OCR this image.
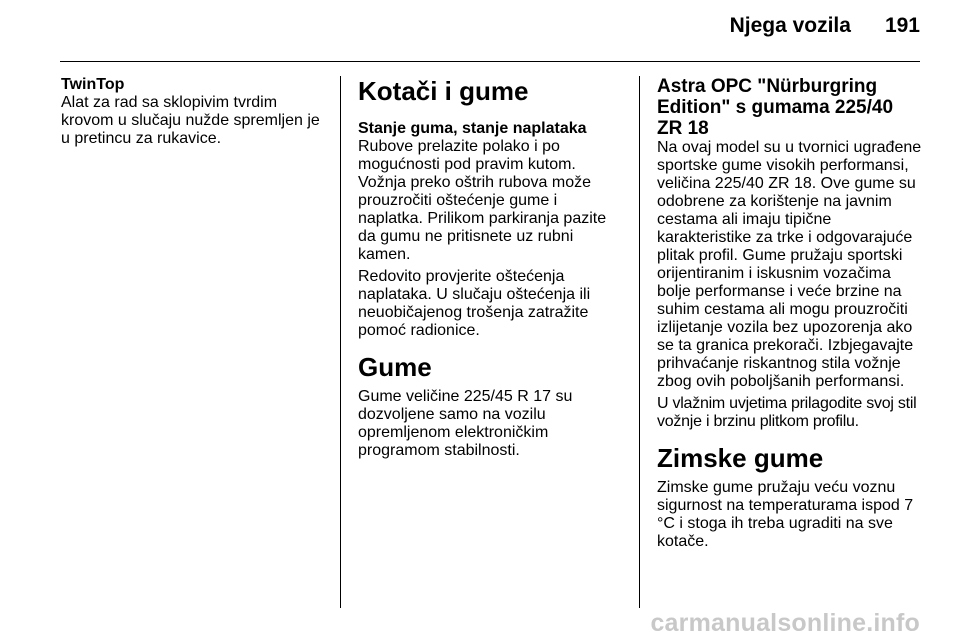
Njega vozila 191
TwinTop

Alat za rad sa sklopivim tvrdim krovom u slučaju nužde spremljen je u pretincu za rukavice.

Kotači i gume
Stanje guma, stanje naplataka

Rubove prelazite polako i po mogućnosti pod pravim kutom. Vožnja preko oštrih rubova može prouzročiti oštećenje gume i naplatka. Prilikom parkiranja pazite da gumu ne pritisnete uz rubni kamen.

Redovito provjerite oštećenja naplataka. U slučaju oštećenja ili neuobičajenog trošenja zatražite pomoć radionice.

Gume

Gume veličine 225/45 R 17 su dozvoljene samo na vozilu opremljenom elektroničkim programom stabilnosti.

Astra OPC "Nürburgring Edition" s gumama 225/40 ZR 18

Na ovaj model su u tvornici ugrađene sportske gume visokih performansi, veličina 225/40 ZR 18. Ove gume su odobrene za korištenje na javnim cestama ali imaju tipične karakteristike za trke i odgovarajuće plitak profil. Gume pružaju sportski orijentiranim i iskusnim vozačima bolje performanse i veće brzine na suhim cestama ali mogu prouzročiti izlijetanje vozila bez upozorenja ako se ta granica prekorači. Izbjegavajte prihvaćanje riskantnog stila vožnje zbog ovih poboljšanih performansi.

U vlažnim uvjetima prilagodite svoj stil vožnje i brzinu plitkom profilu.

Zimske gume

Zimske gume pružaju veću voznu sigurnost na temperaturama ispod 7 °C i stoga ih treba ugraditi na sve kotače.

carmanualsonline.info
